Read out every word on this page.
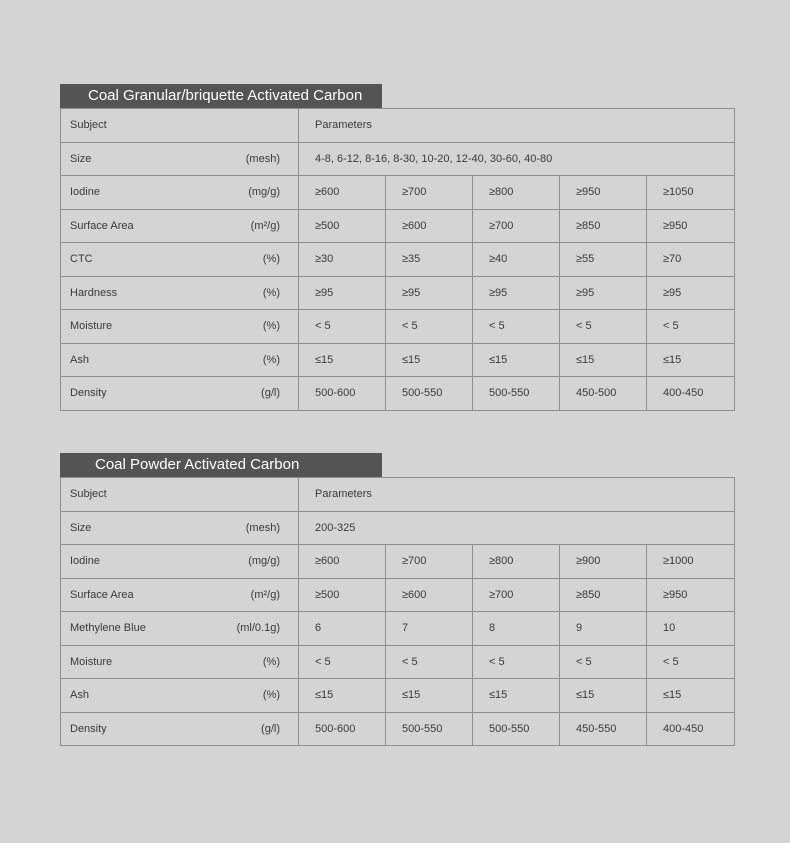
Coal Granular/briquette Activated Carbon
Subject	Parameters				
Size (mesh)	4-8, 6-12, 8-16, 8-30, 10-20, 12-40, 30-60, 40-80				
Iodine (mg/g)	≥600	≥700	≥800	≥950	≥1050
Surface Area (m²/g)	≥500	≥600	≥700	≥850	≥950
CTC (%)	≥30	≥35	≥40	≥55	≥70
Hardness (%)	≥95	≥95	≥95	≥95	≥95
Moisture (%)	< 5	< 5	< 5	< 5	< 5
Ash (%)	≤15	≤15	≤15	≤15	≤15
Density (g/l)	500-600	500-550	500-550	450-500	400-450
Coal Powder Activated Carbon
Subject	Parameters				
Size (mesh)	200-325				
Iodine (mg/g)	≥600	≥700	≥800	≥900	≥1000
Surface Area (m²/g)	≥500	≥600	≥700	≥850	≥950
Methylene Blue (ml/0.1g)	6	7	8	9	10
Moisture (%)	< 5	< 5	< 5	< 5	< 5
Ash (%)	≤15	≤15	≤15	≤15	≤15
Density (g/l)	500-600	500-550	500-550	450-550	400-450
